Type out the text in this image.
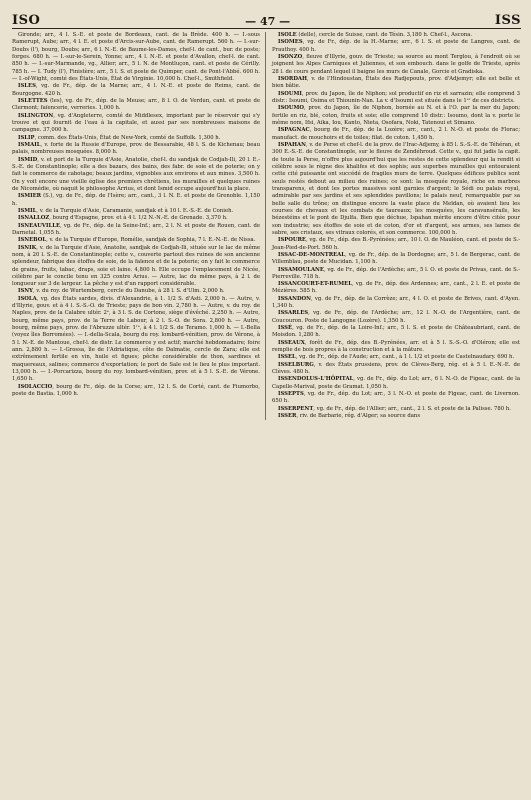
ISO	— 47 —	ISS

Gironde; arr., 4 l. S.-E. et poste de Bordeaux, cant. de la Brède. 400 h. — I.-sous Ramerupt, Aube; arr., 4 l. E. et poste d'Arcis-sur-Aube, cant. de Ramerupt. 560 h. — I.-sur-Doubs (l'), bourg, Doubs; arr., 6 l. N.-E. de Baume-les-Dames, chef-l. de cant., bur. de poste; forges. 680 h. — I.-sur-le-Serein, Yonne; arr., 4 l. N.-E. et poste d'Avallon, chef-l. de cant. 850 h. — I.-sur-Marmande, vg., Allier; arr., 5 l. N. de Montluçon, cant. et poste de Cérilly. 785 h. — I. Tudy (l'), Finistère; arr., 5 l. S. et poste de Quimper, cant. de Pont-l'Abbé. 600 h. — I.-of-Wight, comté des États-Unis, État de Virginie. 10,000 h. Chef-l., Smithfield.

ISLES, vg. de Fr., dép. de la Marne; arr., 4 l. N.-E. et poste de Reims, cant. de Bourgogne. 420 h.

ISLETTES (les), vg. de Fr., dép. de la Meuse; arr., 8 l. O. de Verdun, cant. et poste de Clermont; faïencerie, verreries. 1,000 h.

ISLINGTON, vg. d'Angleterre, comté de Middlesex, important par le réservoir qui s'y trouve et qui fournit de l'eau à la capitale, et aussi par ses nombreuses maisons de campagne. 37,000 h.

ISLIP, comm. des États-Unis, État de New-York, comté de Suffolk. 1,300 h.

ISMAIL, v. forte de la Russie d'Europe, prov. de Bessarabie, 48 l. S. de Kichenau; beau palais, nombreuses mosquées. 8,000 h.

ISMID, v. et port de la Turquie d'Asie, Anatolie, chef-l. du sandjak de Codjah-Ili, 20 l. E.-S.-E. de Constantinople; elle a des bazars, des bains, des fabr. de soie et de poterie; on y fait le commerce de cabotage; beaux jardins, vignobles aux environs et aux mines. 3,500 h. On y voit encore une vieille église des premiers chrétiens, les murailles et quelques ruines de Nicomédie, où naquit le philosophe Arrius, et dont Ismid occupe aujourd'hui la place.

ISMIER (S.), vg. de Fr., dép. de l'Isère; arr., cant., 3 l. N. E. et poste de Grenoble. 1,150 h.

ISMIL, v. de la Turquie d'Asie, Caramanie, sandjak et à 10 l. E.-S.-E. de Conieh.

ISNALLOZ, bourg d'Espagne, prov. et à 4 l. 1/2 N.-N.-E. de Grenade. 3,370 h.

ISNEAUVILLE, vg. de Fr., dép. de la Seine-Inf.; arr., 2 l. N. et poste de Rouen, cant. de Darnetal. 1,055 h.

ISNEBOL, v. de la Turquie d'Europe, Romélie, sandjak de Sophia, 7 l. E.-N.-E. de Nissa.

ISNIK, v. de la Turquie d'Asie, Anatolie, sandjak de Codjah-Ili, située sur le lac de même nom, à 20 l. S.-E. de Constantinople; cette v., couverte partout des ruines de son ancienne splendeur, fabrique des étoffes de soie, de la faïence et de la poterie; on y fait le commerce de grains, fruits, tabac, draps, soie et laine. 4,800 h. Elle occupe l'emplacement de Nicée, célèbre par le concile tenu en 325 contre Arius. — Autre, lac du même pays, à 2 l. de longueur sur 3 de largeur. La pêche y est d'un rapport considérable.

ISNY, v. du roy. de Wurtemberg, cercle du Danube, à 28 l. S. d'Ulm. 2,000 h.

ISOLA, vg. des États sardes, divis. d'Alexandrie, à 1. 1/2 S. d'Asti. 2,000 h. — Autre, v. d'Illyrie, gouv. et à 4 l. S.-S.-O. de Trieste; pays de bon vin. 2,780 h. — Autre, v. du roy. de Naples, prov. de la Calabre ultér. 2ᵉ, à 3 l. S. de Cortone, siège d'évêché. 2,250 h. — Autre, bourg, même pays, prov. de la Terre de Labour, à 2 l. S.-O. de Sora. 2,800 h. — Autre, bourg, même pays, prov. de l'Abruzze ultér. 1ʳᵉ, à 4 l. 1/2 S. de Teramo. 1,000 h. — I.-Bella (voyez îles Borromées). — I.-della-Scala, bourg du roy. lombard-vénitien, prov. de Vérone, à 5 l. N.-E. de Mantoue, chef-l. de distr. Le commerce y est actif; marché hebdomadaire; foire ann. 2,880 h. — I.-Grossa, île de l'Adriatique, côte de Dalmatie, cercle de Zara; elle est extrêmement fertile en vin, huile et figues; pêche considérable de thon, sardines et maquereaux, salines; commerce d'exportation; le port de Sale est le lieu le plus important. 13,000 h. — I.-Porcarizza, bourg du roy. lombard-vénitien, prov. et à 5 l. S.-E. de Vérone. 1,650 h.

ISOLACCIO, bourg de Fr., dép. de la Corse; arr., 12 l. S. de Corté, cant. de Fiumorbo, poste de Bastia. 1,000 h.

ISOLE (delle), cercle de Suisse, cant. de Tésin. 3,180 h. Chef-l., Ascona.

ISOMES, vg. de Fr., dép. de la H.-Marne; arr., 6 l. S. et poste de Langres, cant. de Prauthoy. 400 h.

ISONZO, fleuve d'Illyrie, gouv. de Trieste; sa source au mont Terglou, à l'endroit où se joignent les Alpes Carniques et Juliennes, et son embouch. dans le golfe de Trieste, après 28 l. de cours pendant lequel il baigne les murs de Canale, Gorcie et Gradiska.

ISORDAH, v. de l'Hindoustan, États des Radjepouts, prov. d'Adjemyr; elle est belle et bien bâtie.

ISOUMI, prov. du Japon, île de Niphon; sol productif en riz et sarrazin; elle comprend 3 distr.: Isoumi, Osima et Thiounin-Nan. La v. d'Isoumi est située dans le 1ᵉʳ de ces districts.

ISOUMO, prov. du Japon, île de Niphon, bornée au N. et à l'O. par la mer du Japon; fertile en riz, blé, coton, fruits et soie; elle comprend 10 distr.: Isoumo, dont la v. porte le même nom, Ifsi, Aika, Iou, Kanto, Nieta, Osofara, Noki, Tatenoui et Simano.

ISPAGNAC, bourg de Fr., dép. de la Lozère; arr., cant., 2 l. N.-O. et poste de Florac; manufact. de mouchoirs et de toiles; filat. de coton. 1,450 h.

ISPAHAN, v. de Perse et chef-l. de la prov. de l'Irac-Adjemy, à 85 l. S.-S.-E. de Téhéran, et 300 E.-S.-E. de Constantinople, sur le fleuve de Zendéhroud. Cette v., qui fut jadis la capit. de toute la Perse, n'offre plus aujourd'hui que les restes de cette splendeur qui la rendit si célèbre sous le règne des khalifes et des sophis; aux superbes murailles qui entouraient cette cité puissante ont succédé de fragiles murs de terre. Quelques édifices publics sont seuls restés debout au milieu des ruines; ce sont: la mosquée royale, riche en marbres transparens, et dont les portes massives sont garnies d'argent; le Sédi ou palais royal, admirable par ses jardins et ses splendides pavillons; le palais neuf, remarquable par sa belle salle du trône; on distingue encore la vaste place du Meïdan, où avaient lieu les courses de chevaux et les combats de taureaux; les mosquées, les caravansérails, les bézestéins et le pont de Djulfa. Bien que déchue, Ispahan mérite encore d'être citée pour son industrie; ses étoffes de soie et de coton, d'or et d'argent, ses armes, ses lames de sabre, ses cristaux, ses vitraux colorés, et son commerce. 100,000 h.

ISPOURE, vg. de Fr., dép. des B.-Pyrénées; arr., 10 l. O. de Mauléon, cant. et poste de S.-Jean-Pied-de-Port. 560 h.

ISSAC-DE-MONTREAL, vg. de Fr., dép. de la Dordogne; arr., 5 l. de Bergerac, cant. de Villemblau, poste de Mucidan. 1,100 h.

ISSAMOULANE, vg. de Fr., dép. de l'Ardèche; arr., 5 l. O. et poste de Privas, cant. de S.-Pierreville. 718 h.

ISSANCOURT-ET-RUMEL, vg. de Fr., dép. des Ardennes; arr., cant., 2 l. E. et poste de Mézières. 585 h.

ISSANDON, vg. de Fr., dép. de la Corrèze; arr., 4 l. O. et poste de Brives, cant. d'Ayen. 1,340 h.

ISSARLES, vg. de Fr., dép. de l'Ardèche; arr., 12 l. N.-O. de l'Argentière, cant. de Coucouron. Poste de Langogne (Lozère). 1,350 h.

ISSÉ, vg. de Fr., dép. de la Loire-Inf.; arr., 5 l. S. et poste de Châteaubriant, cant. de Moisdon. 1,280 h.

ISSEAUX, forêt de Fr., dép. des B.-Pyrénées, arr. et à 5 l. S.-S.-O. d'Oléron; elle est remplie de bois propres à la construction et à la mâture.

ISSEL, vg. de Fr., dép. de l'Aude; arr., cant., à 1 l. 1/2 et poste de Castelnaudary. 690 h.

ISSELBURG, v. des États prussiens, prov. de Clèves-Berg, rég. et à 5 l. E.-N.-E. de Clèves. 480 h.

ISSENDOLUS-L'HÔPITAL, vg. de Fr., dép. du Lot; arr., 6 l. N.-O. de Figeac, cant. de la Capelle-Marival, poste de Gramat. 1,050 h.

ISSEPTS, vg. de Fr., dép. du Lot; arr., 3 l. N.-O. et poste de Figeac, cant. de Livernon. 650 h.

ISSERPENT, vg. de Fr., dép. de l'Allier; arr., cant., 2 l. S. et poste de la Palisse. 780 h.

ISSER, riv. de Barbarie, rég. d'Alger; sa source dans
